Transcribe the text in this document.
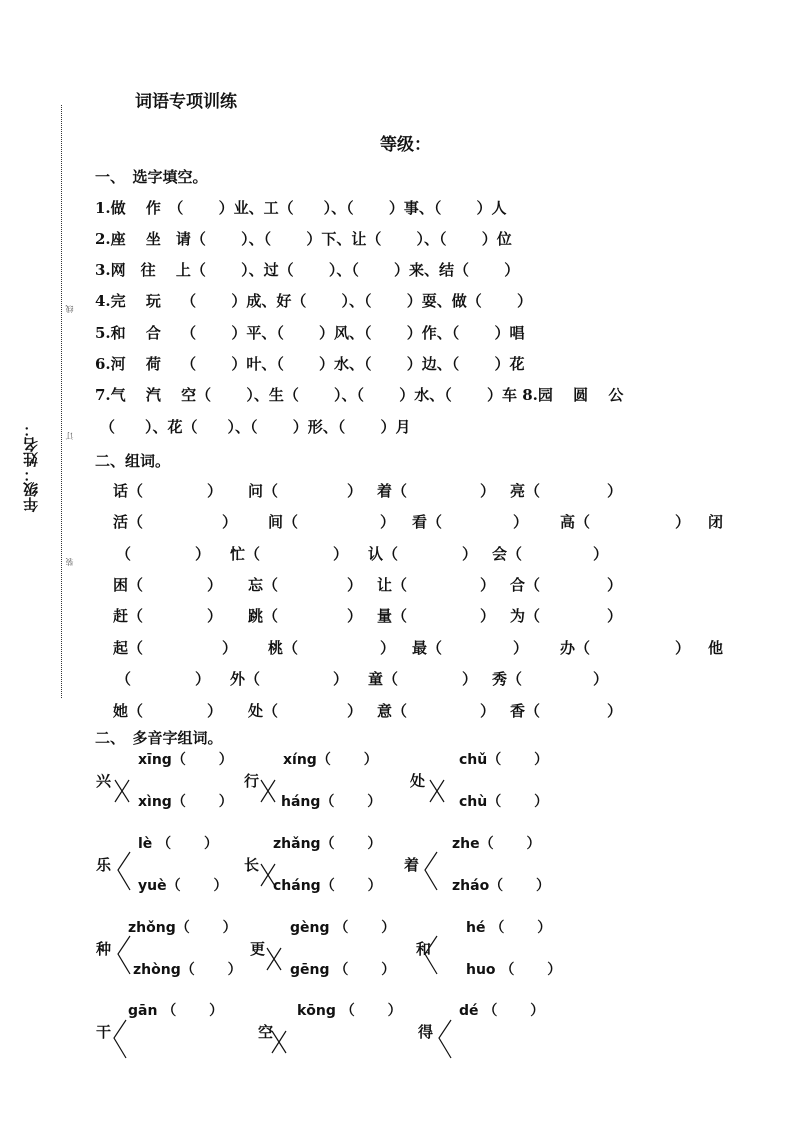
年级：姓名：
线
订
装
词语专项训练
等级：
一、　选字填空。
1.做　 作　（　　 ）业、工（　　）、（　　 ）事、（　　 ）人
2.座　 坐　请（　　 ）、（　　 ）下、让（　　 ）、（　　 ）位
3.网　往　 上（　　 ）、过（　　 ）、（　　 ）来、结（　　 ）
4.完　 玩　 （　　 ）成、好（　　 ）、（　　 ）耍、做（　　 ）
5.和　 合　 （　　 ）平、（　　 ）风、（　　 ）作、（　　 ）唱
6.河　 荷　 （　　 ）叶、（　　 ）水、（　　 ）边、（　　 ）花
7.气　 汽　 空（　　 ）、生（　　 ）、（　　 ）水、（　　 ）车 8.园　 圆　 公
（　　）、花（　　）、（　　 ）形、（　　 ）月
二、组词。
话（	） 问（	） 着（	） 亮（	）
活（	） 间（	） 看（	） 高（	） 闭
（	） 忙（	） 认（	） 会（	）
困（	） 忘（	） 让（	） 合（	）
赶（	） 跳（	） 量（	） 为（	）
起（	） 桃（	） 最（	） 办（	） 他
（	） 外（	） 童（	） 秀（	）
她（	） 处（	） 意（	） 香（	）
二、　多音字组词。
兴
xīng（　　 ）
xìng（　　 ）
行
xíng（　　 ）
háng（　　 ）
处
chǔ（　　 ）
chù（　　 ）
乐
lè （　　 ）
yuè（　　 ）
长
zhǎng（　　 ）
cháng（　　 ）
着
zhe（　　 ）
zháo（　　 ）
种
zhǒng（　　 ）
zhòng（　　 ）
更
gèng （　　 ）
gēng （　　 ）
和
hé （　　 ）
huo （　　 ）
干
gān （　　 ）
空
kōng （　　 ）
得
dé （　　 ）
